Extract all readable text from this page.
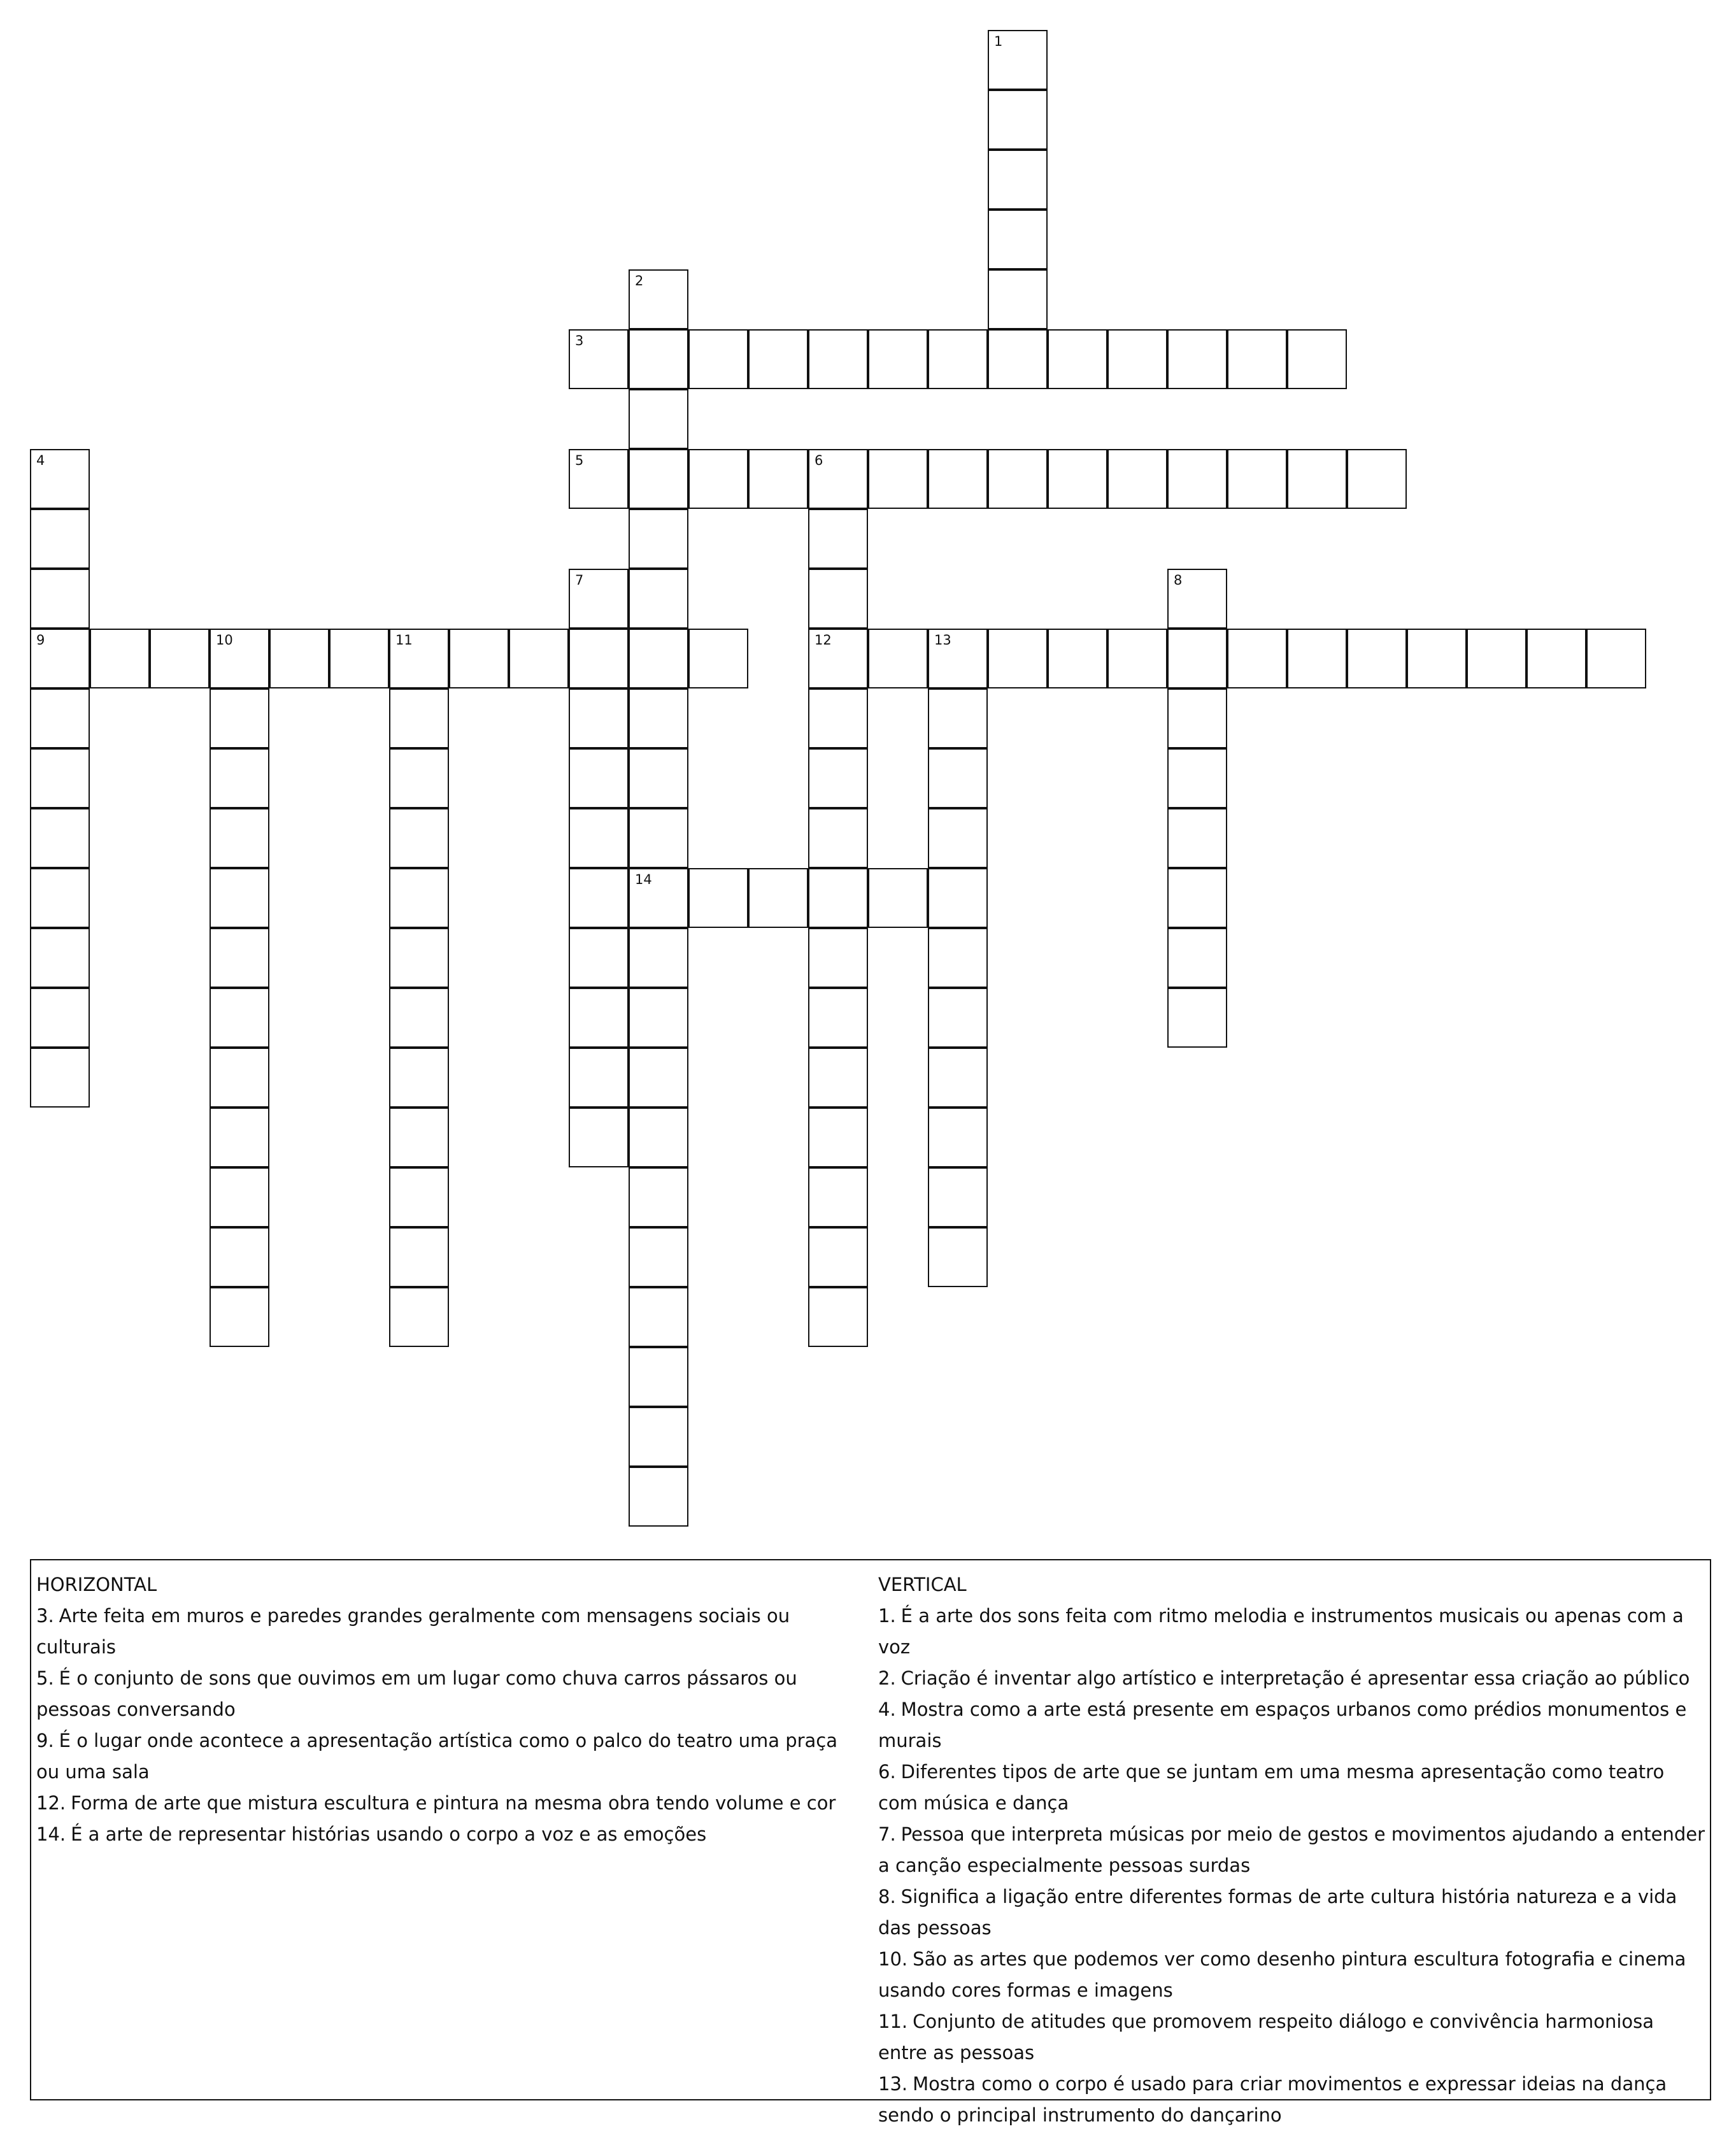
1
2
14
3
4
9
5	6
12
7	8
10	11	13
HORIZONTAL

3. Arte feita em muros e paredes grandes geralmente com mensagens sociais ou culturais

5. É o conjunto de sons que ouvimos em um lugar como chuva carros pássaros ou pessoas conversando

9. É o lugar onde acontece a apresentação artística como o palco do teatro uma praça ou uma sala

12. Forma de arte que mistura escultura e pintura na mesma obra tendo volume e cor

14. É a arte de representar histórias usando o corpo a voz e as emoções

VERTICAL

1. É a arte dos sons feita com ritmo melodia e instrumentos musicais ou apenas com a voz

2. Criação é inventar algo artístico e interpretação é apresentar essa criação ao público

4. Mostra como a arte está presente em espaços urbanos como prédios monumentos e murais

6. Diferentes tipos de arte que se juntam em uma mesma apresentação como teatro com música e dança

7. Pessoa que interpreta músicas por meio de gestos e movimentos ajudando a entender a canção especialmente pessoas surdas

8. Significa a ligação entre diferentes formas de arte cultura história natureza e a vida das pessoas

10. São as artes que podemos ver como desenho pintura escultura fotografia e cinema usando cores formas e imagens

11. Conjunto de atitudes que promovem respeito diálogo e convivência harmoniosa entre as pessoas

13. Mostra como o corpo é usado para criar movimentos e expressar ideias na dança sendo o principal instrumento do dançarino
